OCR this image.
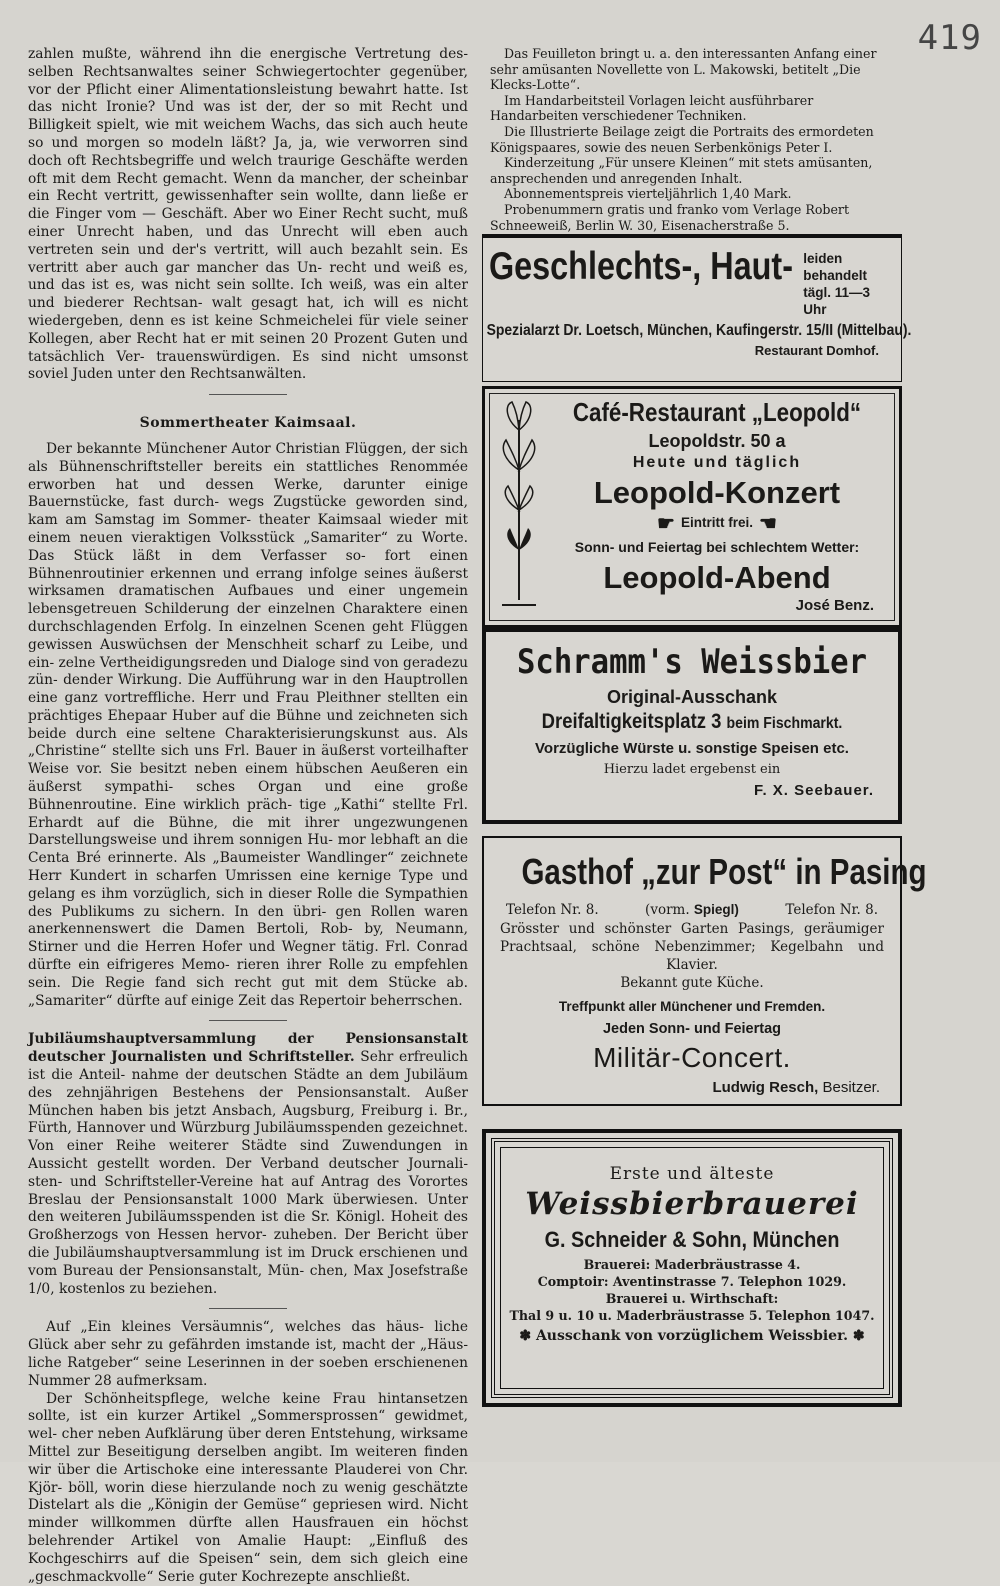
419

zahlen mußte, während ihn die energische Vertretung des- selben Rechtsanwaltes seiner Schwiegertochter gegenüber, vor der Pflicht einer Alimentationsleistung bewahrt hatte. Ist das nicht Ironie? Und was ist der, der so mit Recht und Billigkeit spielt, wie mit weichem Wachs, das sich auch heute so und morgen so modeln läßt? Ja, ja, wie verworren sind doch oft Rechtsbegriffe und welch traurige Geschäfte werden oft mit dem Recht gemacht. Wenn da mancher, der scheinbar ein Recht vertritt, gewissenhafter sein wollte, dann ließe er die Finger vom — Geschäft. Aber wo Einer Recht sucht, muß einer Unrecht haben, und das Unrecht will eben auch vertreten sein und der's vertritt, will auch bezahlt sein. Es vertritt aber auch gar mancher das Un- recht und weiß es, und das ist es, was nicht sein sollte. Ich weiß, was ein alter und biederer Rechtsan- walt gesagt hat, ich will es nicht wiedergeben, denn es ist keine Schmeichelei für viele seiner Kollegen, aber Recht hat er mit seinen 20 Prozent Guten und tatsächlich Ver- trauenswürdigen. Es sind nicht umsonst soviel Juden unter den Rechtsanwälten.

Sommertheater Kaimsaal.

Der bekannte Münchener Autor Christian Flüggen, der sich als Bühnenschriftsteller bereits ein stattliches Renommée erworben hat und dessen Werke, darunter einige Bauernstücke, fast durch- wegs Zugstücke geworden sind, kam am Samstag im Sommer- theater Kaimsaal wieder mit einem neuen vieraktigen Volksstück „Samariter“ zu Worte. Das Stück läßt in dem Verfasser so- fort einen Bühnenroutinier erkennen und errang infolge seines äußerst wirksamen dramatischen Aufbaues und einer ungemein lebensgetreuen Schilderung der einzelnen Charaktere einen durchschlagenden Erfolg. In einzelnen Scenen geht Flüggen gewissen Auswüchsen der Menschheit scharf zu Leibe, und ein- zelne Vertheidigungsreden und Dialoge sind von geradezu zün- dender Wirkung. Die Aufführung war in den Hauptrollen eine ganz vortreffliche. Herr und Frau Pleithner stellten ein prächtiges Ehepaar Huber auf die Bühne und zeichneten sich beide durch eine seltene Charakterisierungskunst aus. Als „Christine“ stellte sich uns Frl. Bauer in äußerst vorteilhafter Weise vor. Sie besitzt neben einem hübschen Aeußeren ein äußerst sympathi- sches Organ und eine große Bühnenroutine. Eine wirklich präch- tige „Kathi“ stellte Frl. Erhardt auf die Bühne, die mit ihrer ungezwungenen Darstellungsweise und ihrem sonnigen Hu- mor lebhaft an die Centa Bré erinnerte. Als „Baumeister Wandlinger“ zeichnete Herr Kundert in scharfen Umrissen eine kernige Type und gelang es ihm vorzüglich, sich in dieser Rolle die Sympathien des Publikums zu sichern. In den übri- gen Rollen waren anerkennenswert die Damen Bertoli, Rob- by, Neumann, Stirner und die Herren Hofer und Wegner tätig. Frl. Conrad dürfte ein eifrigeres Memo- rieren ihrer Rolle zu empfehlen sein. Die Regie fand sich recht gut mit dem Stücke ab. „Samariter“ dürfte auf einige Zeit das Repertoir beherrschen.

Jubiläumshauptversammlung der Pensionsanstalt deutscher Journalisten und Schriftsteller. Sehr erfreulich ist die Anteil- nahme der deutschen Städte an dem Jubiläum des zehnjährigen Bestehens der Pensionsanstalt. Außer München haben bis jetzt Ansbach, Augsburg, Freiburg i. Br., Fürth, Hannover und Würzburg Jubiläumsspenden gezeichnet. Von einer Reihe weiterer Städte sind Zuwendungen in Aussicht gestellt worden. Der Verband deutscher Journali- sten- und Schriftsteller-Vereine hat auf Antrag des Vorortes Breslau der Pensionsanstalt 1000 Mark überwiesen. Unter den weiteren Jubiläumsspenden ist die Sr. Königl. Hoheit des Großherzogs von Hessen hervor- zuheben. Der Bericht über die Jubiläumshauptversammlung ist im Druck erschienen und vom Bureau der Pensionsanstalt, Mün- chen, Max Josefstraße 1/0, kostenlos zu beziehen.

Auf „Ein kleines Versäumnis“, welches das häus- liche Glück aber sehr zu gefährden imstande ist, macht der „Häus- liche Ratgeber“ seine Leserinnen in der soeben erschienenen Nummer 28 aufmerksam.

Der Schönheitspflege, welche keine Frau hintansetzen sollte, ist ein kurzer Artikel „Sommersprossen“ gewidmet, wel- cher neben Aufklärung über deren Entstehung, wirksame Mittel zur Beseitigung derselben angibt. Im weiteren finden wir über die Artischoke eine interessante Plauderei von Chr. Kjör- böll, worin diese hierzulande noch zu wenig geschätzte Distelart als die „Königin der Gemüse“ gepriesen wird. Nicht minder willkommen dürfte allen Hausfrauen ein höchst belehrender Artikel von Amalie Haupt: „Einfluß des Kochgeschirrs auf die Speisen“ sein, dem sich gleich eine „geschmackvolle“ Serie guter Kochrezepte anschließt.

Das Feuilleton bringt u. a. den interessanten Anfang einer sehr amüsanten Novellette von L. Makowski, betitelt „Die Klecks-Lotte“.

Im Handarbeitsteil Vorlagen leicht ausführbarer Handarbeiten verschiedener Techniken.

Die Illustrierte Beilage zeigt die Portraits des ermordeten Königspaares, sowie des neuen Serbenkönigs Peter I.

Kinderzeitung „Für unsere Kleinen“ mit stets amüsanten, ansprechenden und anregenden Inhalt.

Abonnementspreis vierteljährlich 1,40 Mark.

Probenummern gratis und franko vom Verlage Robert Schneeweiß, Berlin W. 30, Eisenacherstraße 5.

Geschlechts-, Haut- leiden behandelt
tägl. 11—3 Uhr
Spezialarzt Dr. Loetsch, München, Kaufingerstr. 15/II (Mittelbau).
Restaurant Domhof.
Café-Restaurant „Leopold“
Leopoldstr. 50 a
Heute und täglich
Leopold-Konzert
☛ Eintritt frei. ☚
Sonn- und Feiertag bei schlechtem Wetter:
Leopold-Abend
José Benz.
Schramm's Weissbier
Original-Ausschank
Dreifaltigkeitsplatz 3 beim Fischmarkt.
Vorzügliche Würste u. sonstige Speisen etc.
Hierzu ladet ergebenst ein
F. X. Seebauer.
Gasthof „zur Post“ in Pasing
Telefon Nr. 8.	(vorm. Spiegl)	Telefon Nr. 8.
Grösster und schönster Garten Pasings, geräumiger Prachtsaal, schöne Nebenzimmer; Kegelbahn und Klavier.
Bekannt gute Küche.
Treffpunkt aller Münchener und Fremden.
Jeden Sonn- und Feiertag
Militär-Concert.
Ludwig Resch, Besitzer.
Erste und älteste
Weissbierbrauerei
G. Schneider & Sohn, München
Brauerei: Maderbräustrasse 4.
Comptoir: Aventinstrasse 7. Telephon 1029.
Brauerei u. Wirthschaft:
Thal 9 u. 10 u. Maderbräustrasse 5. Telephon 1047.
✽ Ausschank von vorzüglichem Weissbier. ✽
